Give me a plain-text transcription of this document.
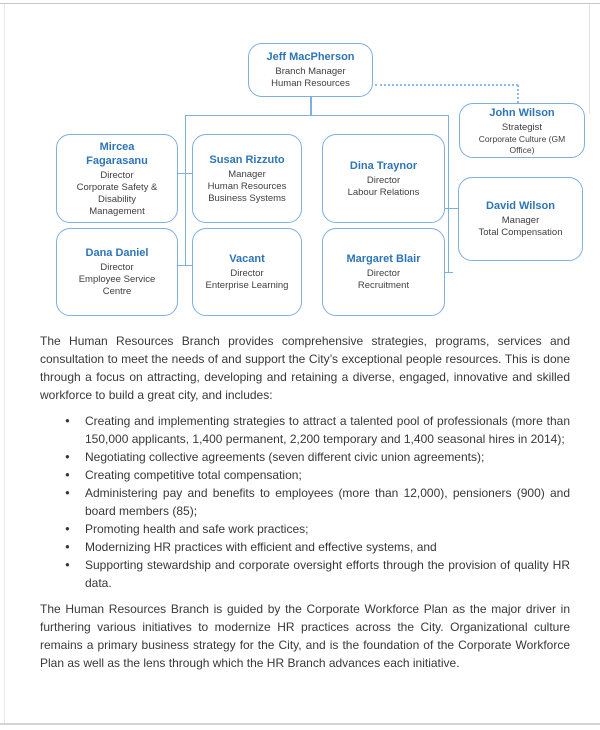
Jeff MacPherson
Branch Manager
Human Resources
John Wilson
Strategist
Corporate Culture (GM Office)
David Wilson
Manager
Total Compensation
Mircea Fagarasanu
Director
Corporate Safety & Disability Management
Susan Rizzuto
Manager
Human Resources Business Systems
Dina Traynor
Director
Labour Relations
Dana Daniel
Director
Employee Service Centre
Vacant
Director
Enterprise Learning
Margaret Blair
Director
Recruitment

The Human Resources Branch provides comprehensive strategies, programs, services and consultation to meet the needs of and support the City’s exceptional people resources. This is done through a focus on attracting, developing and retaining a diverse, engaged, innovative and skilled workforce to build a great city, and includes:

●
Creating and implementing strategies to attract a talented pool of professionals (more than 150,000 applicants, 1,400 permanent, 2,200 temporary and 1,400 seasonal hires in 2014);
●
Negotiating collective agreements (seven different civic union agreements);
●
Creating competitive total compensation;
●
Administering pay and benefits to employees (more than 12,000), pensioners (900) and board members (85);
●
Promoting health and safe work practices;
●
Modernizing HR practices with efficient and effective systems, and
●
Supporting stewardship and corporate oversight efforts through the provision of quality HR data.

The Human Resources Branch is guided by the Corporate Workforce Plan as the major driver in furthering various initiatives to modernize HR practices across the City. Organizational culture remains a primary business strategy for the City, and is the foundation of the Corporate Workforce Plan as well as the lens through which the HR Branch advances each initiative.
